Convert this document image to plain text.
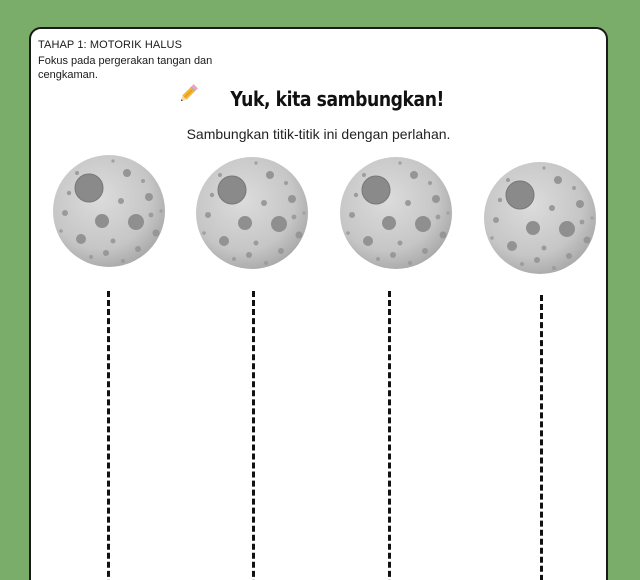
TAHAP 1: MOTORIK HALUS
Fokus pada pergerakan tangan dan cengkaman.
Yuk, kita sambungkan!
Sambungkan titik-titik ini dengan perlahan.
